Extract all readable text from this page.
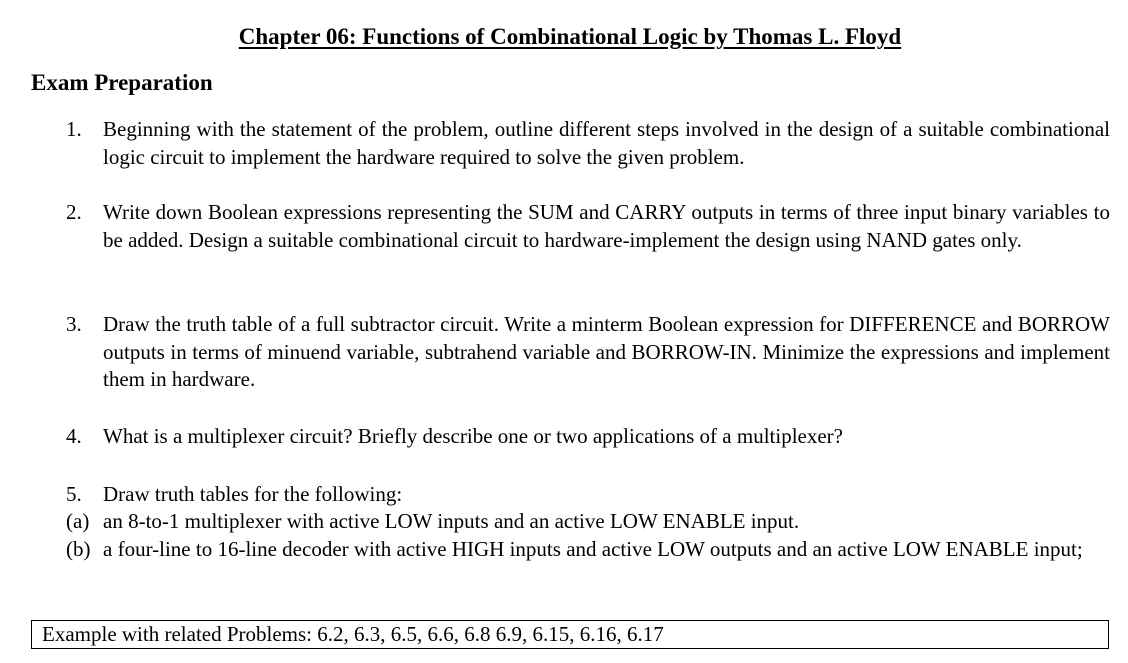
Chapter 06: Functions of Combinational Logic by Thomas L. Floyd
Exam Preparation
1. Beginning with the statement of the problem, outline different steps involved in the design of a suitable combinational logic circuit to implement the hardware required to solve the given problem.
2. Write down Boolean expressions representing the SUM and CARRY outputs in terms of three input binary variables to be added. Design a suitable combinational circuit to hardware-implement the design using NAND gates only.
3. Draw the truth table of a full subtractor circuit. Write a minterm Boolean expression for DIFFERENCE and BORROW outputs in terms of minuend variable, subtrahend variable and BORROW-IN. Minimize the expressions and implement them in hardware.
4. What is a multiplexer circuit? Briefly describe one or two applications of a multiplexer?
5. Draw truth tables for the following:
(a) an 8-to-1 multiplexer with active LOW inputs and an active LOW ENABLE input.
(b) a four-line to 16-line decoder with active HIGH inputs and active LOW outputs and an active LOW ENABLE input;
Example with related Problems: 6.2, 6.3, 6.5, 6.6, 6.8 6.9, 6.15, 6.16, 6.17
